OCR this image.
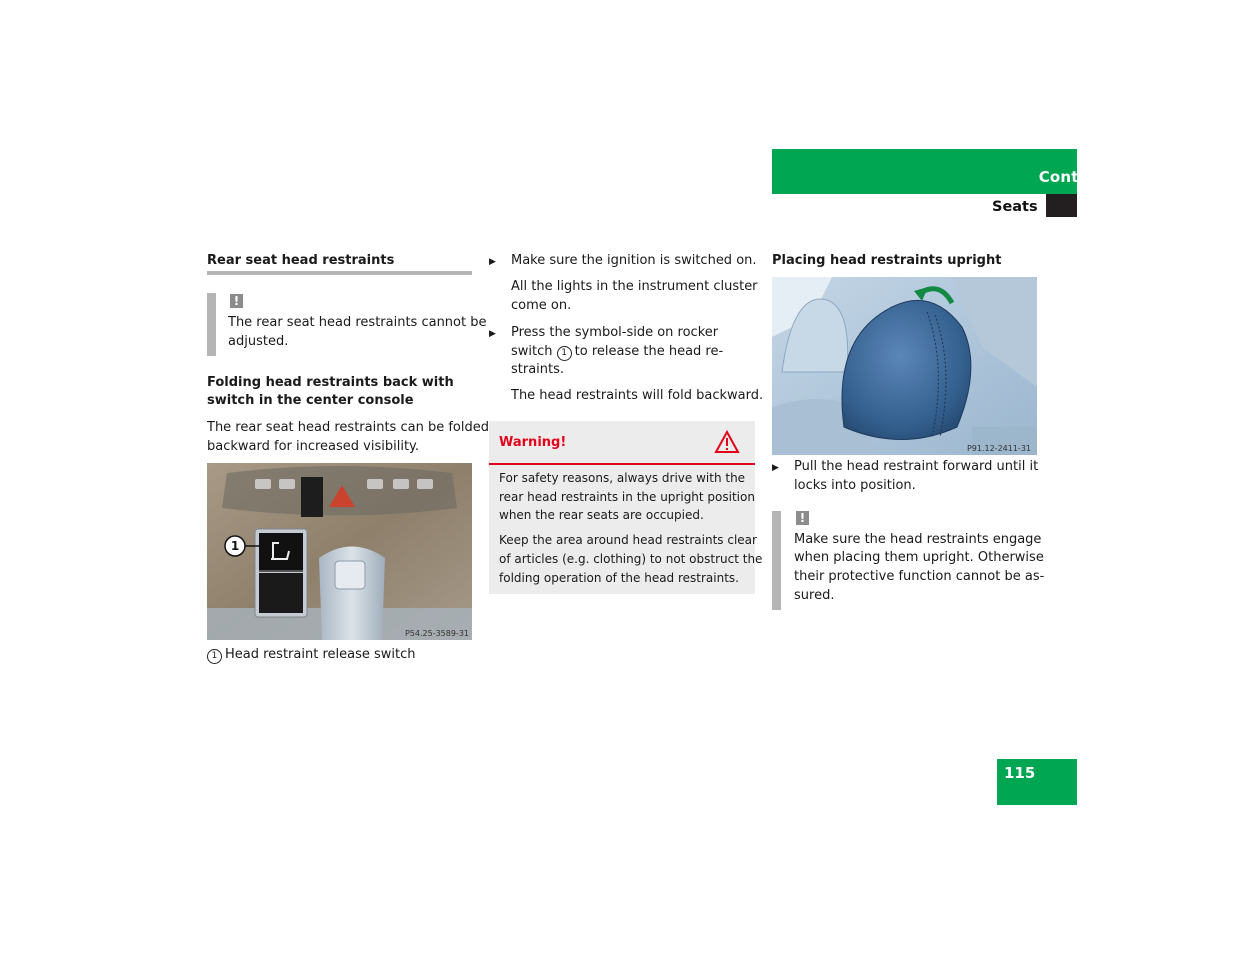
Controls in detail
Seats
Rear seat head restraints
!
The rear seat head restraints cannot be
adjusted.
Folding head restraints back with
switch in the center console
The rear seat head restraints can be folded
backward for increased visibility.
1
P54.25-3589-31
1 Head restraint release switch
▶ Make sure the ignition is switched on.
All the lights in the instrument cluster
come on.
▶ Press the symbol-side on rocker
switch 1 to release the head re-
straints.
The head restraints will fold backward.
Warning!
For safety reasons, always drive with the
rear head restraints in the upright position
when the rear seats are occupied.
Keep the area around head restraints clear
of articles (e.g. clothing) to not obstruct the
folding operation of the head restraints.
Placing head restraints upright
P91.12-2411-31
▶ Pull the head restraint forward until it
locks into position.
!
Make sure the head restraints engage
when placing them upright. Otherwise
their protective function cannot be as-
sured.
115
